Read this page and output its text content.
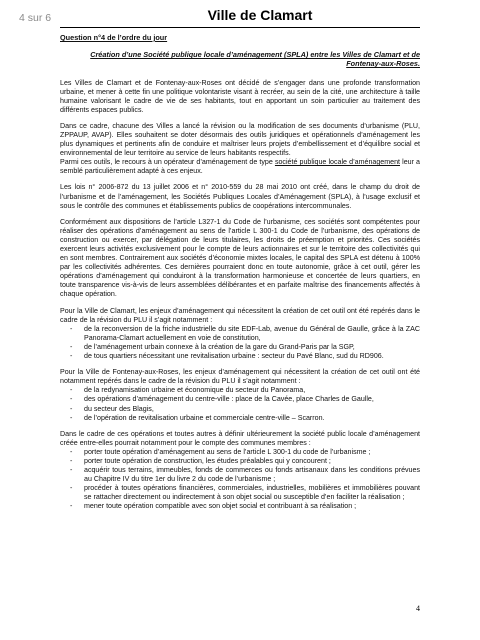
4 sur 6	Ville de Clamart
Question n°4 de l’ordre du jour
Création d’une Société publique locale d’aménagement (SPLA) entre les Villes de Clamart et de Fontenay-aux-Roses.

Les Villes de Clamart et de Fontenay-aux-Roses ont décidé de s’engager dans une profonde transformation urbaine, et mener à cette fin une politique volontariste visant à recréer, au sein de la cité, une architecture à taille humaine valorisant le cadre de vie de ses habitants, tout en apportant un soin particulier au traitement des différents espaces publics.

Dans ce cadre, chacune des Villes a lancé la révision ou la modification de ses documents d’urbanisme (PLU, ZPPAUP, AVAP). Elles souhaitent se doter désormais des outils juridiques et opérationnels d’aménagement les plus dynamiques et pertinents afin de conduire et maîtriser leurs projets d’embellissement et d’équilibre social et environnemental de leur territoire au service de leurs habitants respectifs.

Parmi ces outils, le recours à un opérateur d’aménagement de type société publique locale d’aménagement leur a semblé particulièrement adapté à ces enjeux.

Les lois n° 2006-872 du 13 juillet 2006 et n° 2010-559 du 28 mai 2010 ont créé, dans le champ du droit de l’urbanisme et de l’aménagement, les Sociétés Publiques Locales d’Aménagement (SPLA), à l’usage exclusif et sous le contrôle des communes et établissements publics de coopérations intercommunales.

Conformément aux dispositions de l’article L327-1 du Code de l’urbanisme, ces sociétés sont compétentes pour réaliser des opérations d’aménagement au sens de l’article L 300-1 du Code de l’urbanisme, des opérations de construction ou exercer, par délégation de leurs titulaires, les droits de préemption et priorités. Ces sociétés exercent leurs activités exclusivement pour le compte de leurs actionnaires et sur le territoire des collectivités qui en sont membres. Contrairement aux sociétés d’économie mixtes locales, le capital des SPLA est détenu à 100% par les collectivités adhérentes. Ces dernières pourraient donc en toute autonomie, grâce à cet outil, gérer les opérations d’aménagement qui conduiront à la transformation harmonieuse et concertée de leurs quartiers, en toute transparence vis-à-vis de leurs assemblées délibérantes et en parfaite maîtrise des financements affectés à chaque opération.

Pour la Ville de Clamart, les enjeux d’aménagement qui nécessitent la création de cet outil ont été repérés dans le cadre de la révision du PLU il s’agit notamment :

- de la reconversion de la friche industrielle du site EDF-Lab, avenue du Général de Gaulle, grâce à la ZAC Panorama-Clamart actuellement en voie de constitution,
- de l’aménagement urbain connexe à la création de la gare du Grand-Paris par la SGP,
- de tous quartiers nécessitant une revitalisation urbaine : secteur du Pavé Blanc, sud du RD906.

Pour la Ville de Fontenay-aux-Roses, les enjeux d’aménagement qui nécessitent la création de cet outil ont été notamment repérés dans le cadre de la révision du PLU il s’agit notamment :

- de la redynamisation urbaine et économique du secteur du Panorama,
- des opérations d’aménagement du centre-ville : place de la Cavée, place Charles de Gaulle,
- du secteur des Blagis,
- de l’opération de revitalisation urbaine et commerciale centre-ville – Scarron.

Dans le cadre de ces opérations et toutes autres à définir ultérieurement la société public locale d’aménagement créée entre-elles pourrait notamment pour le compte des communes membres :

- porter toute opération d’aménagement au sens de l’article L 300-1 du code de l’urbanisme ;
- porter toute opération de construction, les études préalables qui y concourent ;
- acquérir tous terrains, immeubles, fonds de commerces ou fonds artisanaux dans les conditions prévues au Chapitre IV du titre 1er du livre 2 du code de l’urbanisme ;
- procéder à toutes opérations financières, commerciales, industrielles, mobilières et immobilières pouvant se rattacher directement ou indirectement à son objet social ou susceptible d’en faciliter la réalisation ;
- mener toute opération compatible avec son objet social et contribuant à sa réalisation ;
4
